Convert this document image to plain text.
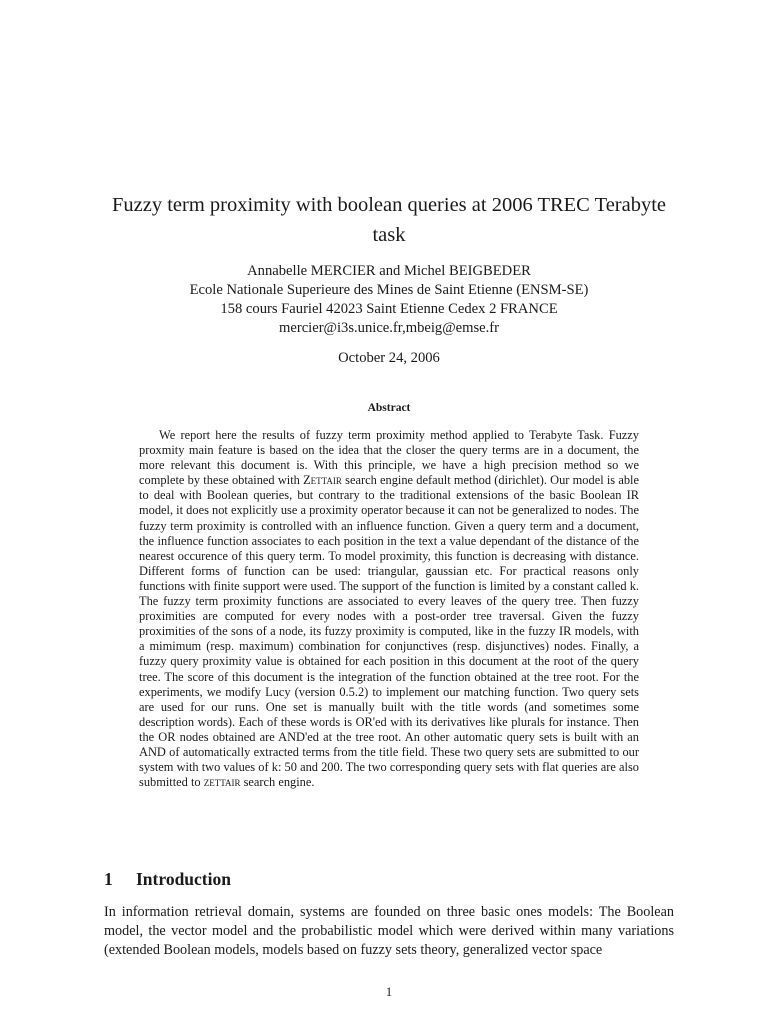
Fuzzy term proximity with boolean queries at 2006 TREC Terabyte task
Annabelle MERCIER and Michel BEIGBEDER
Ecole Nationale Superieure des Mines de Saint Etienne (ENSM-SE)
158 cours Fauriel 42023 Saint Etienne Cedex 2 FRANCE
mercier@i3s.unice.fr,mbeig@emse.fr
October 24, 2006
Abstract

We report here the results of fuzzy term proximity method applied to Terabyte Task. Fuzzy proxmity main feature is based on the idea that the closer the query terms are in a document, the more relevant this document is. With this principle, we have a high precision method so we complete by these obtained with Zettair search engine default method (dirichlet). Our model is able to deal with Boolean queries, but contrary to the traditional extensions of the basic Boolean IR model, it does not explicitly use a proximity operator because it can not be generalized to nodes. The fuzzy term proximity is controlled with an influence function. Given a query term and a document, the influence function associates to each position in the text a value dependant of the distance of the nearest occurence of this query term. To model proximity, this function is decreasing with distance. Different forms of function can be used: triangular, gaussian etc. For practical reasons only functions with finite support were used. The support of the function is limited by a constant called k. The fuzzy term proximity functions are associated to every leaves of the query tree. Then fuzzy proximities are computed for every nodes with a post-order tree traversal. Given the fuzzy proximities of the sons of a node, its fuzzy proximity is computed, like in the fuzzy IR models, with a mimimum (resp. maximum) combination for conjunctives (resp. disjunctives) nodes. Finally, a fuzzy query proximity value is obtained for each position in this document at the root of the query tree. The score of this document is the integration of the function obtained at the tree root. For the experiments, we modify Lucy (version 0.5.2) to implement our matching function. Two query sets are used for our runs. One set is manually built with the title words (and sometimes some description words). Each of these words is OR'ed with its derivatives like plurals for instance. Then the OR nodes obtained are AND'ed at the tree root. An other automatic query sets is built with an AND of automatically extracted terms from the title field. These two query sets are submitted to our system with two values of k: 50 and 200. The two corresponding query sets with flat queries are also submitted to zettair search engine.

1 Introduction

In information retrieval domain, systems are founded on three basic ones models: The Boolean model, the vector model and the probabilistic model which were derived within many variations (extended Boolean models, models based on fuzzy sets theory, generalized vector space

1
